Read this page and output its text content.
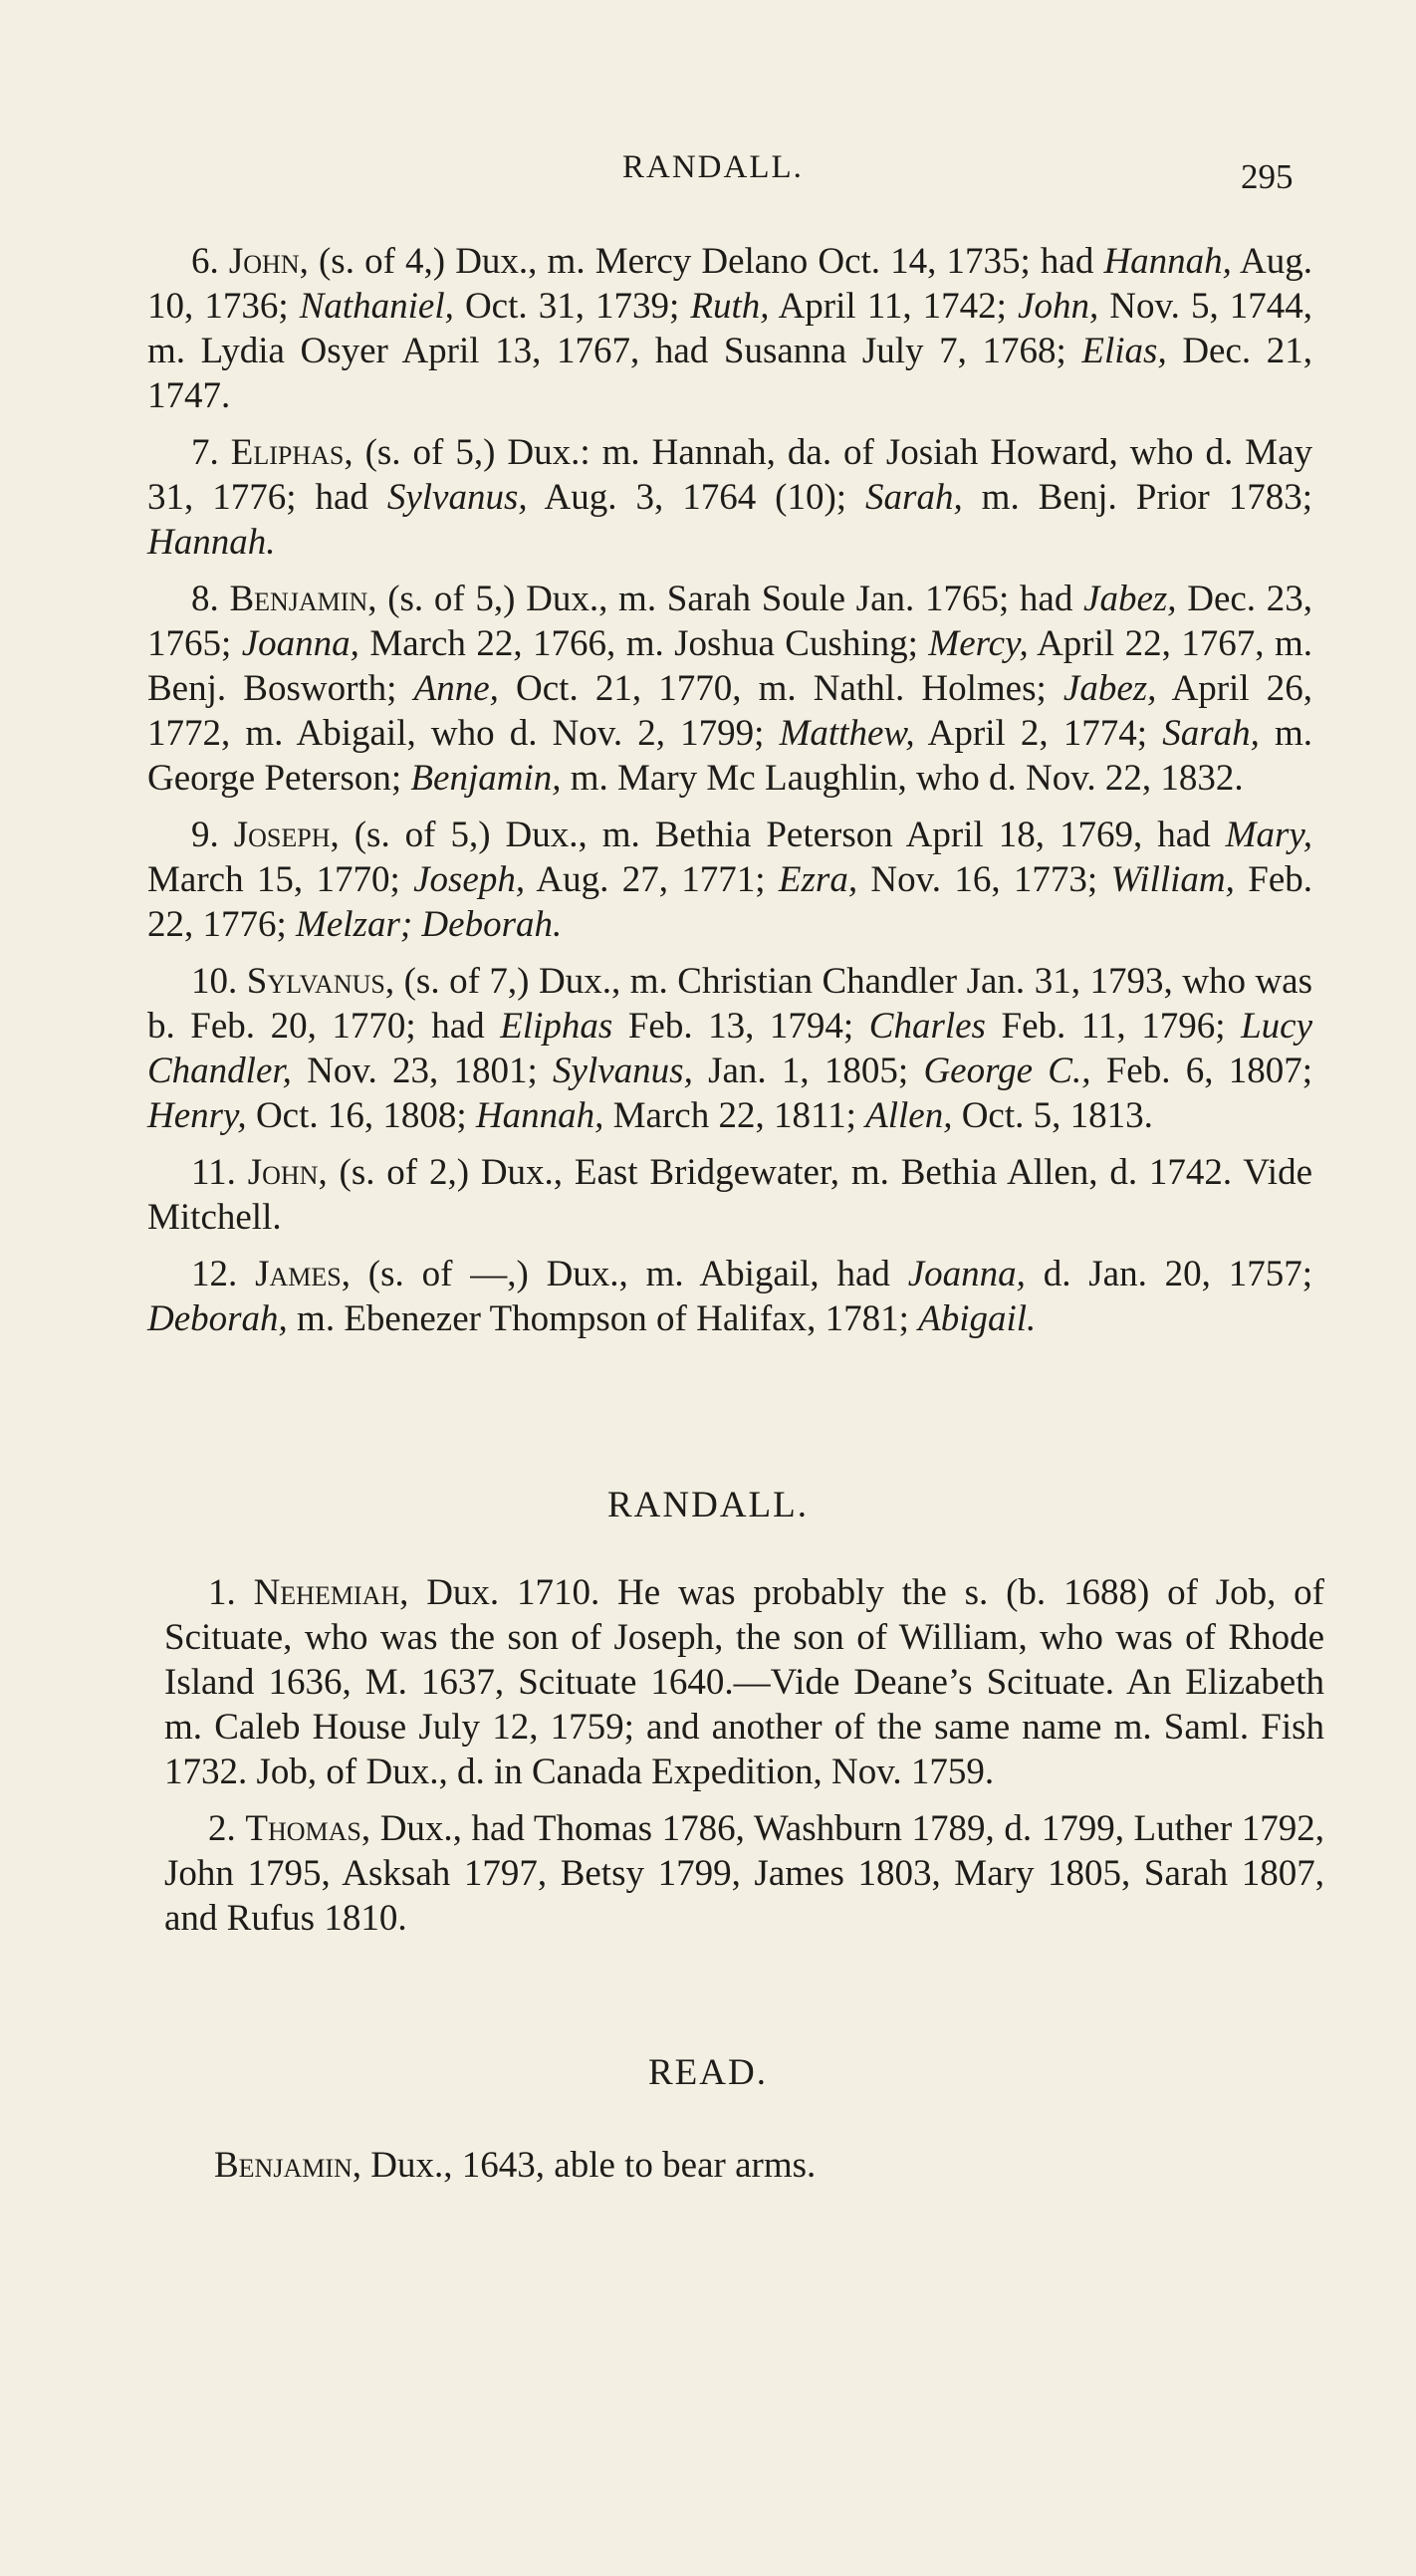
RANDALL.	295

6. John, (s. of 4,) Dux., m. Mercy Delano Oct. 14, 1735; had Hannah, Aug. 10, 1736; Nathaniel, Oct. 31, 1739; Ruth, April 11, 1742; John, Nov. 5, 1744, m. Lydia Osyer April 13, 1767, had Susanna July 7, 1768; Elias, Dec. 21, 1747.

7. Eliphas, (s. of 5,) Dux.: m. Hannah, da. of Josiah Howard, who d. May 31, 1776; had Sylvanus, Aug. 3, 1764 (10); Sarah, m. Benj. Prior 1783; Hannah.

8. Benjamin, (s. of 5,) Dux., m. Sarah Soule Jan. 1765; had Jabez, Dec. 23, 1765; Joanna, March 22, 1766, m. Joshua Cushing; Mercy, April 22, 1767, m. Benj. Bosworth; Anne, Oct. 21, 1770, m. Nathl. Holmes; Jabez, April 26, 1772, m. Abigail, who d. Nov. 2, 1799; Matthew, April 2, 1774; Sarah, m. George Peterson; Benjamin, m. Mary Mc Laughlin, who d. Nov. 22, 1832.

9. Joseph, (s. of 5,) Dux., m. Bethia Peterson April 18, 1769, had Mary, March 15, 1770; Joseph, Aug. 27, 1771; Ezra, Nov. 16, 1773; William, Feb. 22, 1776; Melzar; Deborah.

10. Sylvanus, (s. of 7,) Dux., m. Christian Chandler Jan. 31, 1793, who was b. Feb. 20, 1770; had Eliphas Feb. 13, 1794; Charles Feb. 11, 1796; Lucy Chandler, Nov. 23, 1801; Sylvanus, Jan. 1, 1805; George C., Feb. 6, 1807; Henry, Oct. 16, 1808; Hannah, March 22, 1811; Allen, Oct. 5, 1813.

11. John, (s. of 2,) Dux., East Bridgewater, m. Bethia Allen, d. 1742. Vide Mitchell.

12. James, (s. of —,) Dux., m. Abigail, had Joanna, d. Jan. 20, 1757; Deborah, m. Ebenezer Thompson of Halifax, 1781; Abigail.

RANDALL.

1. Nehemiah, Dux. 1710. He was probably the s. (b. 1688) of Job, of Scituate, who was the son of Joseph, the son of William, who was of Rhode Island 1636, M. 1637, Scituate 1640.—Vide Deane’s Scituate. An Elizabeth m. Caleb House July 12, 1759; and another of the same name m. Saml. Fish 1732. Job, of Dux., d. in Canada Expedition, Nov. 1759.

2. Thomas, Dux., had Thomas 1786, Washburn 1789, d. 1799, Luther 1792, John 1795, Asksah 1797, Betsy 1799, James 1803, Mary 1805, Sarah 1807, and Rufus 1810.

READ.

Benjamin, Dux., 1643, able to bear arms.
